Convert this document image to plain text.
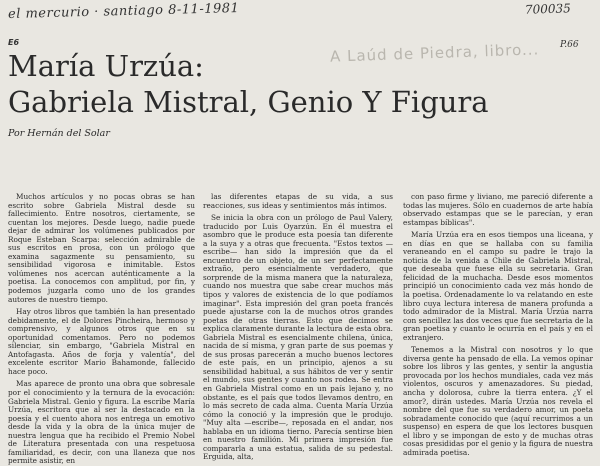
el mercurio · santiago 8-11-1981	700035
P.66
E6	A Laúd de Piedra, libro...
María Urzúa:
Gabriela Mistral, Genio Y Figura
Por Hernán del Solar

Muchos artículos y no pocas obras se han escrito sobre Gabriela Mistral desde su fallecimiento. Entre nosotros, ciertamente, se cuentan los mejores. Desde luego, nadie puede dejar de admirar los volúmenes publicados por Roque Esteban Scarpa: selección admirable de sus escritos en prosa, con un prólogo que examina sagazmente su pensamiento, su sensibilidad vigorosa e inimitable. Estos volúmenes nos acercan auténticamente a la poetisa. La conocemos con amplitud, por fin, y podemos juzgarla como uno de los grandes autores de nuestro tiempo.

Hay otros libros que también la han presentado debidamente, el de Dolores Pincheira, hermoso y comprensivo, y algunos otros que en su oportunidad comentamos. Pero no podemos silenciar, sin embargo, "Gabriela Mistral en Antofagasta. Años de forja y valentía", del excelente escritor Mario Bahamonde, fallecido hace poco.

Mas aparece de pronto una obra que sobresale por el conocimiento y la ternura de la evocación: Gabriela Mistral. Genio y figura. La escribe María Urzúa, escritora que al ser la destacado en la poesía y el cuento ahora nos entrega un emotivo desde la vida y la obra de la única mujer de nuestra lengua que ha recibido el Premio Nobel de Literatura presentada con una respetuosa familiaridad, es decir, con una llaneza que nos permite asistir, en

las diferentes etapas de su vida, a sus reacciones, sus ideas y sentimientos más íntimos.

Se inicia la obra con un prólogo de Paul Valery, traducido por Luis Oyarzún. En él muestra el asombro que le produce esta poesía tan diferente a la suya y a otras que frecuenta. "Estos textos —escribe— han sido la impresión que da el encuentro de un objeto, de un ser perfectamente extraño, pero esencialmente verdadero, que sorprende de la misma manera que la naturaleza, cuando nos muestra que sabe crear muchos más tipos y valores de existencia de lo que podíamos imaginar". Esta impresión del gran poeta francés puede ajustarse con la de muchos otros grandes poetas de otras tierras. Esto que decimos se explica claramente durante la lectura de esta obra. Gabriela Mistral es esencialmente chilena, única, nacida de sí misma, y gran parte de sus poemas y de sus prosas parecerán a mucho buenos lectores de este país, en un principio, ajenos a su sensibilidad habitual, a sus hábitos de ver y sentir el mundo, sus gentes y cuanto nos rodea. Se entra en Gabriela Mistral como en un país lejano y, no obstante, es el país que todos llevamos dentro, en lo más secreto de cada alma. Cuenta María Urzúa cómo la conoció y la impresión que le produjo. "Muy alta —escribe—, reposada en el andar, nos hablaba en un idioma tierno. Parecía sentirse bien en nuestro familión. Mi primera impresión fue compararla a una estatua, salida de su pedestal. Erguida, alta,

con paso firme y liviano, me pareció diferente a todas las mujeres. Sólo en cuadernos de arte había observado estampas que se le parecían, y eran estampas bíblicas".

María Urzúa era en esos tiempos una liceana, y en días en que se hallaba con su familia veraneando en el campo su padre le trajo la noticia de la venida a Chile de Gabriela Mistral, que deseaba que fuese ella su secretaria. Gran felicidad de la muchacha. Desde esos momentos principió un conocimiento cada vez más hondo de la poetisa. Ordenadamente lo va relatando en este libro cuya lectura interesa de manera profunda a todo admirador de la Mistral. María Urzúa narra con sencillez las dos veces que fue secretaria de la gran poetisa y cuanto le ocurría en el país y en el extranjero.

Tenemos a la Mistral con nosotros y lo que diversa gente ha pensado de ella. La vemos opinar sobre los libros y las gentes, y sentir la angustia provocada por los hechos mundiales, cada vez más violentos, oscuros y amenazadores. Su piedad, ancha y dolorosa, cubre la tierra entera. ¿Y el amor?, dirán ustedes. María Urzúa nos revela el nombre del que fue su verdadero amor, un poeta sobradamente conocido que (aquí recurrimos a un suspenso) en espera de que los lectores busquen el libro y se impongan de esto y de muchas otras cosas presididas por el genio y la figura de nuestra admirada poetisa.
